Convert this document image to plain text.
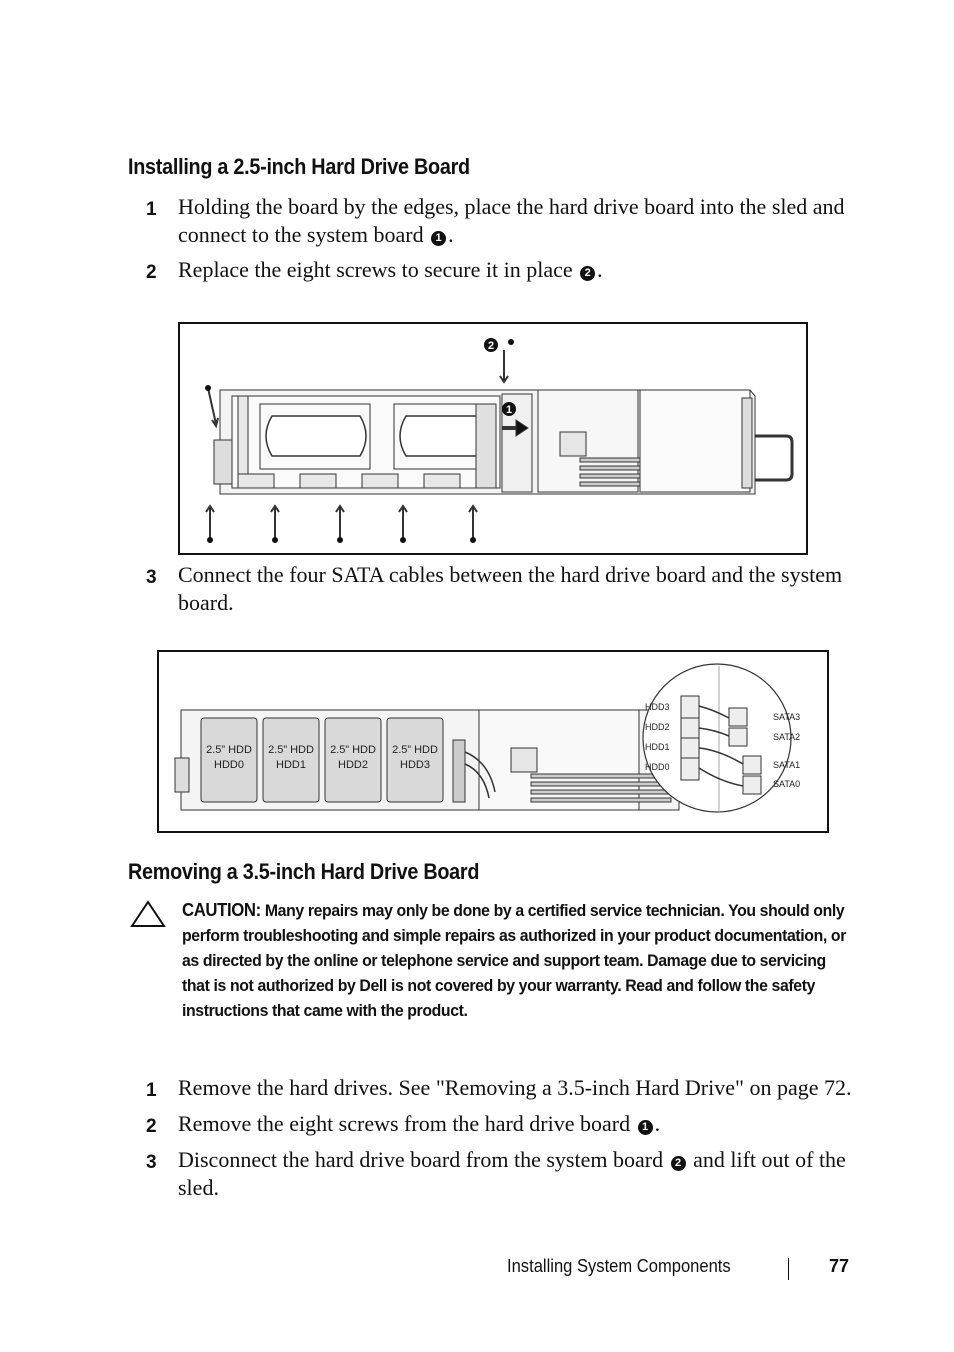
Installing a 2.5-inch Hard Drive Board
1 Holding the board by the edges, place the hard drive board into the sled and connect to the system board 1 .
2 Replace the eight screws to secure it in place 2 .
2
1
3 Connect the four SATA cables between the hard drive board and the system board.
2.5” HDD
HDD0
2.5” HDD
HDD1
2.5” HDD
HDD2
2.5” HDD
HDD3
HDD3
HDD2
HDD1
HDD0
SATA3
SATA2
SATA1
SATA0
Removing a 3.5-inch Hard Drive Board
CAUTION: Many repairs may only be done by a certified service technician. You should only perform troubleshooting and simple repairs as authorized in your product documentation, or as directed by the online or telephone service and support team. Damage due to servicing that is not authorized by Dell is not covered by your warranty. Read and follow the safety instructions that came with the product.
1 Remove the hard drives. See "Removing a 3.5-inch Hard Drive" on page 72.
2 Remove the eight screws from the hard drive board 1 .
3 Disconnect the hard drive board from the system board 2 and lift out of the sled.
Installing System Components	77
